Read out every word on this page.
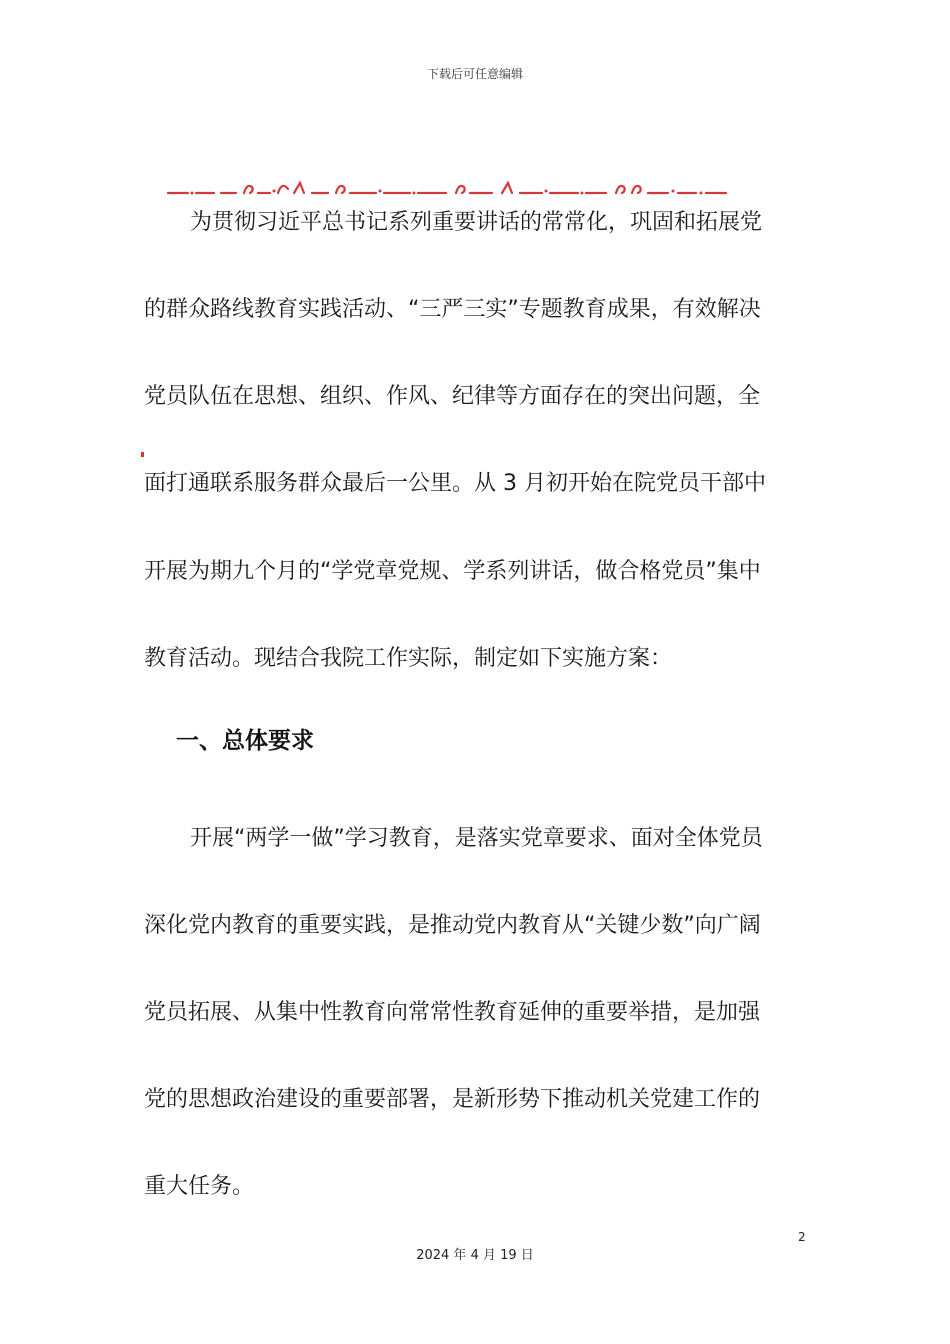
下载后可任意编辑
为贯彻习近平总书记系列重要讲话的常常化，巩固和拓展党
的群众路线教育实践活动、“三严三实”专题教育成果，有效解决
党员队伍在思想、组织、作风、纪律等方面存在的突出问题，全
面打通联系服务群众最后一公里。从 3 月初开始在院党员干部中
开展为期九个月的“学党章党规、学系列讲话，做合格党员”集中
教育活动。现结合我院工作实际，制定如下实施方案：
一、总体要求
开展“两学一做”学习教育，是落实党章要求、面对全体党员
深化党内教育的重要实践，是推动党内教育从“关键少数”向广阔
党员拓展、从集中性教育向常常性教育延伸的重要举措，是加强
党的思想政治建设的重要部署，是新形势下推动机关党建工作的
重大任务。
2
2024 年 4 月 19 日
